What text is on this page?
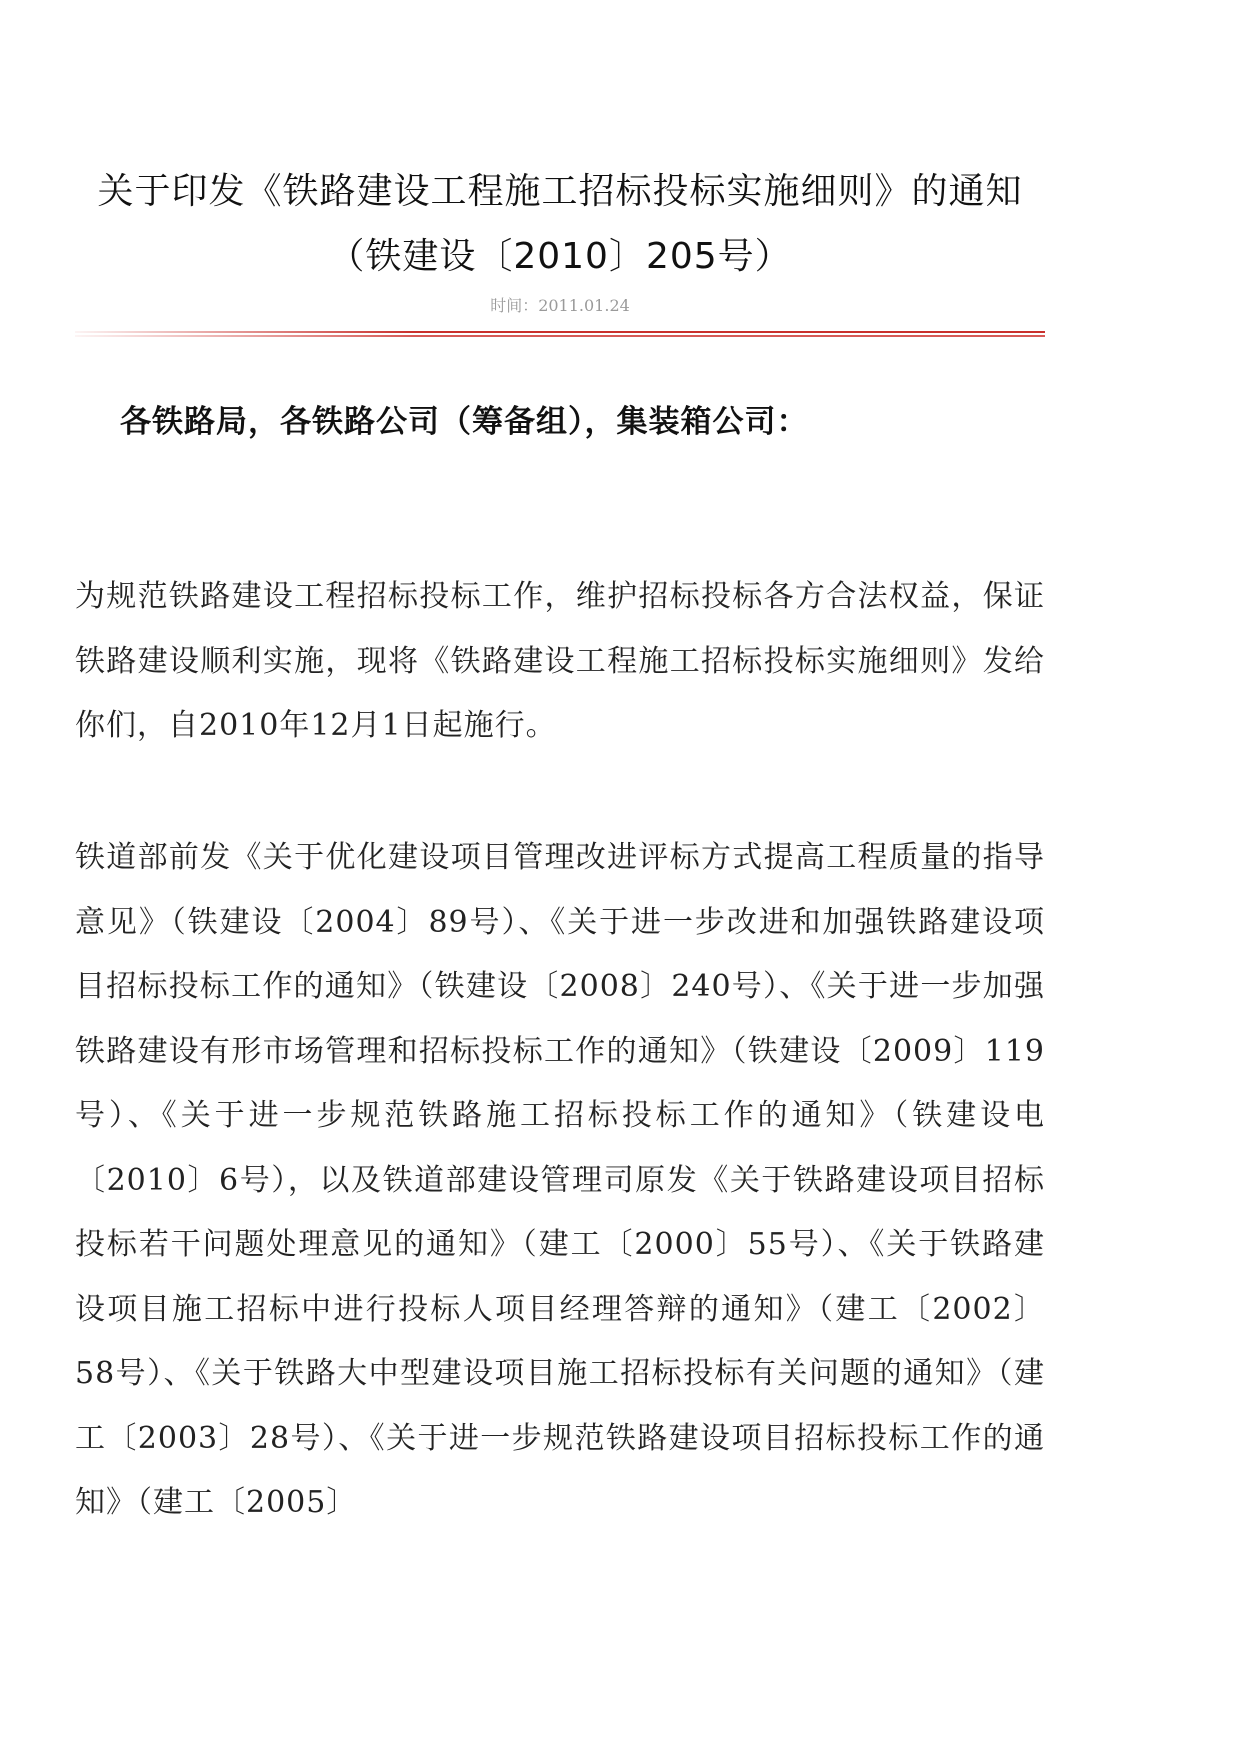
关于印发《铁路建设工程施工招标投标实施细则》的通知
（铁建设〔2010〕205号）
时间：2011.01.24
各铁路局，各铁路公司（筹备组），集装箱公司：
为规范铁路建设工程招标投标工作，维护招标投标各方合法权益，保证铁路建设顺利实施，现将《铁路建设工程施工招标投标实施细则》发给你们，自2010年12月1日起施行。
铁道部前发《关于优化建设项目管理改进评标方式提高工程质量的指导意见》（铁建设〔2004〕89号）、《关于进一步改进和加强铁路建设项目招标投标工作的通知》（铁建设〔2008〕240号）、《关于进一步加强铁路建设有形市场管理和招标投标工作的通知》（铁建设〔2009〕119号）、《关于进一步规范铁路施工招标投标工作的通知》（铁建设电〔2010〕6号），以及铁道部建设管理司原发《关于铁路建设项目招标投标若干问题处理意见的通知》（建工〔2000〕55号）、《关于铁路建设项目施工招标中进行投标人项目经理答辩的通知》（建工〔2002〕58号）、《关于铁路大中型建设项目施工招标投标有关问题的通知》（建工〔2003〕28号）、《关于进一步规范铁路建设项目招标投标工作的通知》（建工〔2005〕
